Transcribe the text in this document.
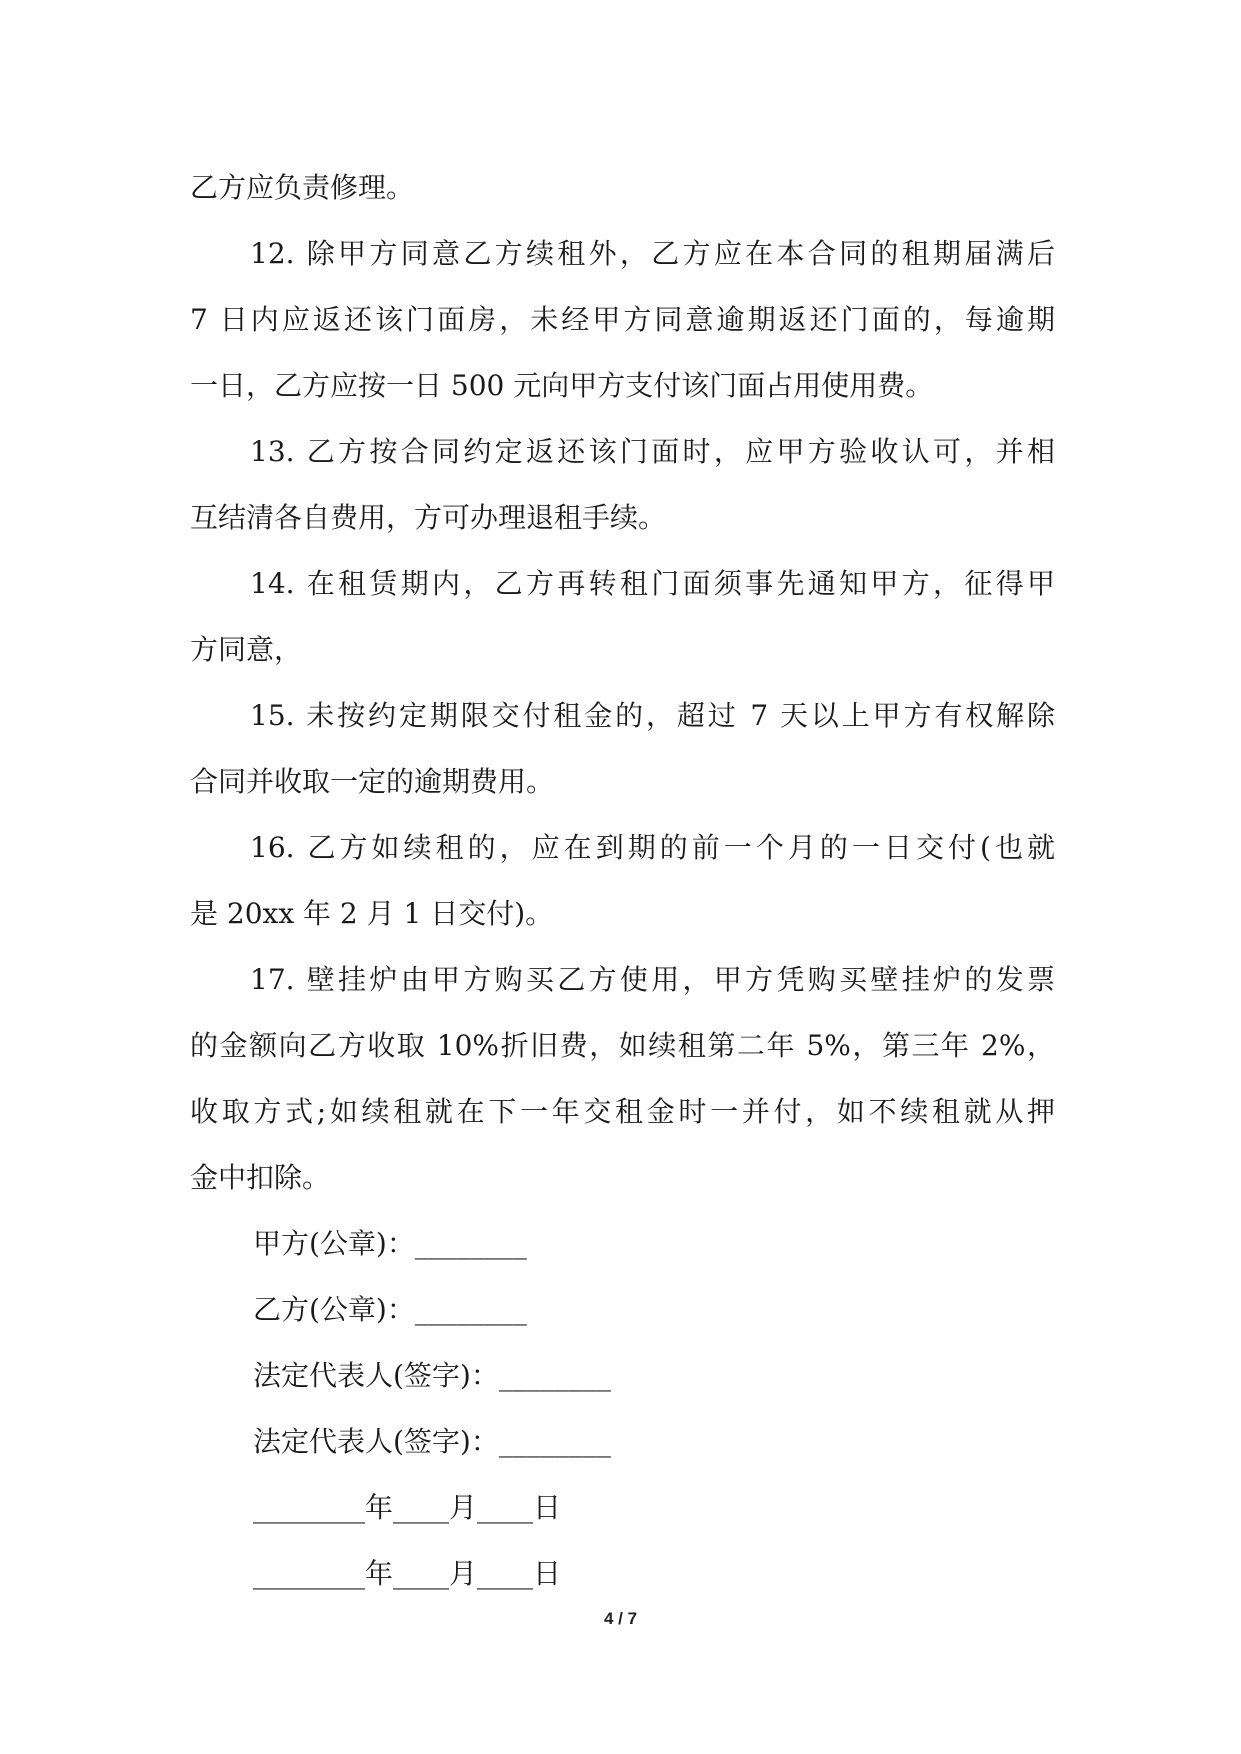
乙方应负责修理。
12. 除甲方同意乙方续租外，乙方应在本合同的租期届满后
7 日内应返还该门面房，未经甲方同意逾期返还门面的，每逾期
一日，乙方应按一日 500 元向甲方支付该门面占用使用费。
13. 乙方按合同约定返还该门面时，应甲方验收认可，并相
互结清各自费用，方可办理退租手续。
14. 在租赁期内，乙方再转租门面须事先通知甲方，征得甲
方同意，
15. 未按约定期限交付租金的，超过 7 天以上甲方有权解除
合同并收取一定的逾期费用。
16. 乙方如续租的，应在到期的前一个月的一日交付(也就
是 20xx 年 2 月 1 日交付)。
17. 壁挂炉由甲方购买乙方使用，甲方凭购买壁挂炉的发票
的金额向乙方收取 10%折旧费，如续租第二年 5%，第三年 2%，
收取方式;如续租就在下一年交租金时一并付，如不续租就从押
金中扣除。
甲方(公章)：________
乙方(公章)：________
法定代表人(签字)：________
法定代表人(签字)：________
________年____月____日
________年____月____日
4 / 7
